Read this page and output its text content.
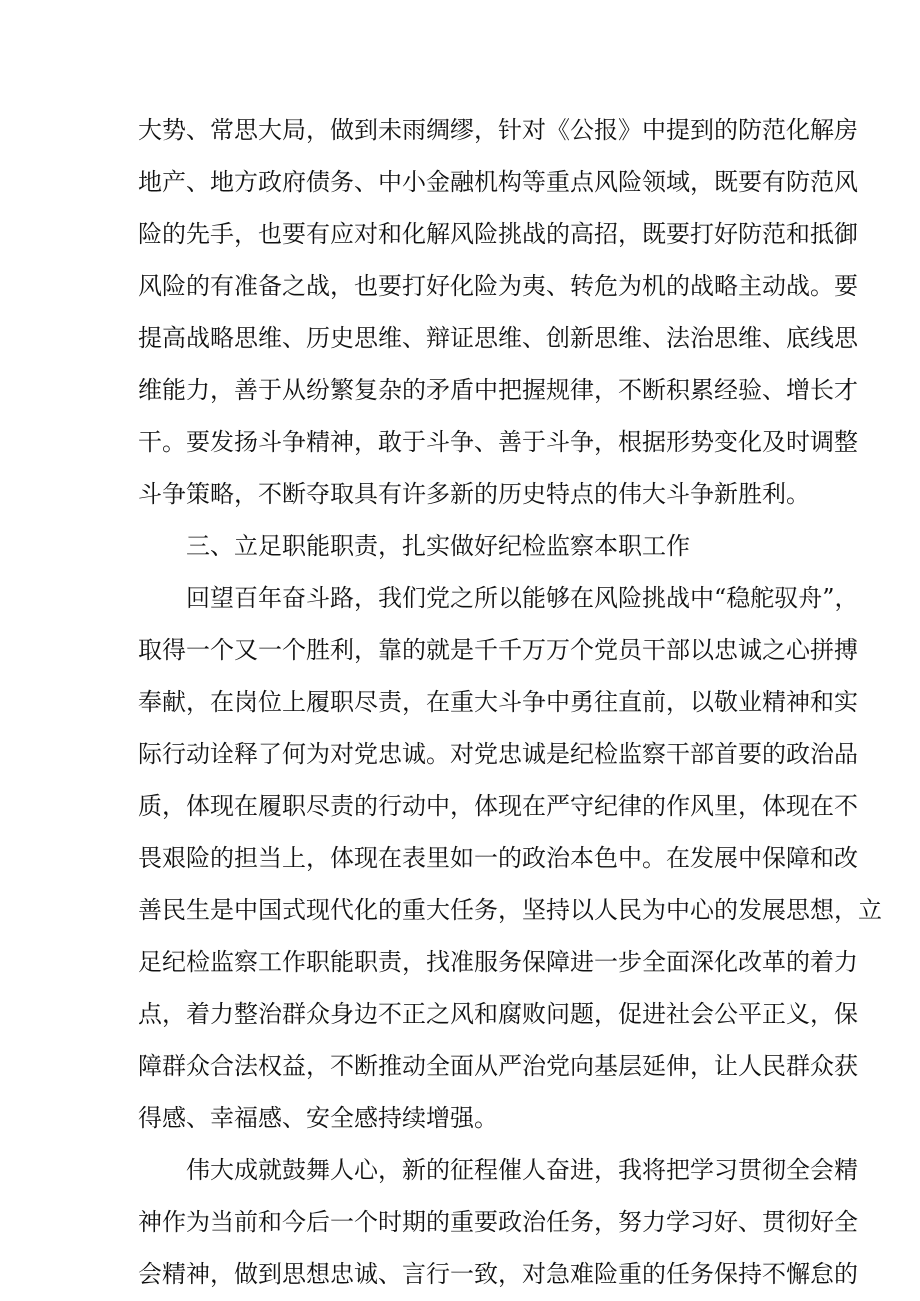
大势、常思大局，做到未雨绸缪，针对《公报》中提到的防范化解房
地产、地方政府债务、中小金融机构等重点风险领域，既要有防范风
险的先手，也要有应对和化解风险挑战的高招，既要打好防范和抵御
风险的有准备之战，也要打好化险为夷、转危为机的战略主动战。要
提高战略思维、历史思维、辩证思维、创新思维、法治思维、底线思
维能力，善于从纷繁复杂的矛盾中把握规律，不断积累经验、增长才
干。要发扬斗争精神，敢于斗争、善于斗争，根据形势变化及时调整
斗争策略，不断夺取具有许多新的历史特点的伟大斗争新胜利。
三、立足职能职责，扎实做好纪检监察本职工作
回望百年奋斗路，我们党之所以能够在风险挑战中“稳舵驭舟”，
取得一个又一个胜利，靠的就是千千万万个党员干部以忠诚之心拼搏
奉献，在岗位上履职尽责，在重大斗争中勇往直前，以敬业精神和实
际行动诠释了何为对党忠诚。对党忠诚是纪检监察干部首要的政治品
质，体现在履职尽责的行动中，体现在严守纪律的作风里，体现在不
畏艰险的担当上，体现在表里如一的政治本色中。在发展中保障和改
善民生是中国式现代化的重大任务，坚持以人民为中心的发展思想，立
足纪检监察工作职能职责，找准服务保障进一步全面深化改革的着力
点，着力整治群众身边不正之风和腐败问题，促进社会公平正义，保
障群众合法权益，不断推动全面从严治党向基层延伸，让人民群众获
得感、幸福感、安全感持续增强。
伟大成就鼓舞人心，新的征程催人奋进，我将把学习贯彻全会精
神作为当前和今后一个时期的重要政治任务，努力学习好、贯彻好全
会精神，做到思想忠诚、言行一致，对急难险重的任务保持不懈怠的
